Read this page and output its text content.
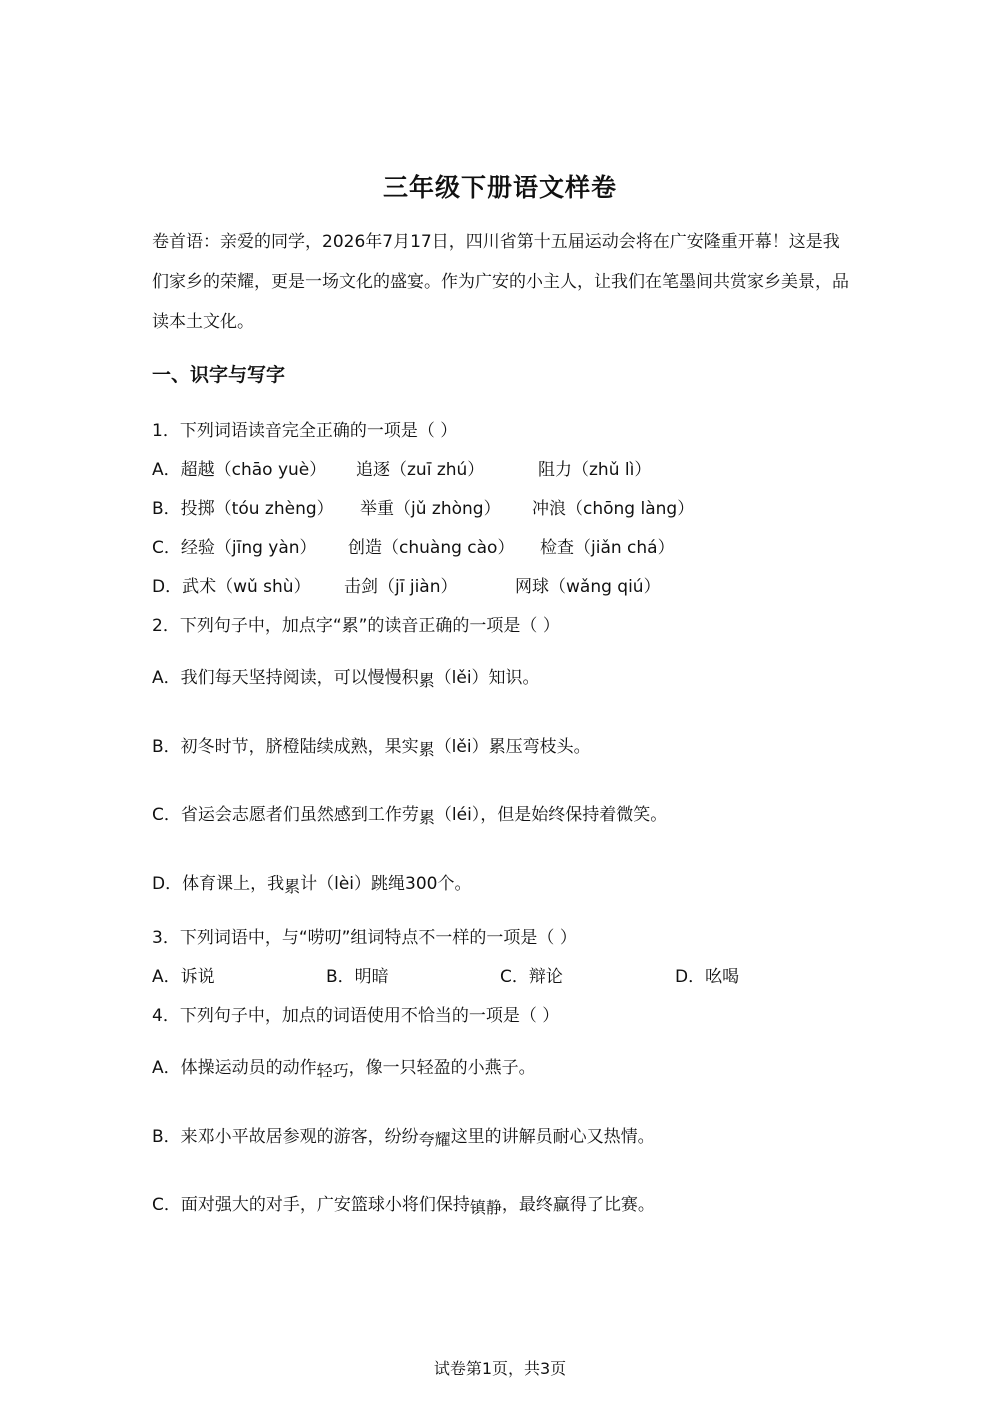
三年级下册语文样卷
卷首语：亲爱的同学，2026年7月17日，四川省第十五届运动会将在广安隆重开幕！这是我们家乡的荣耀，更是一场文化的盛宴。作为广安的小主人，让我们在笔墨间共赏家乡美景，品读本土文化。
一、识字与写字
1．下列词语读音完全正确的一项是（ ）
A．超越（chāo yuè） 追逐（zuī zhú）	阻力（zhǔ lì）
B．投掷（tóu zhèng） 举重（jǔ zhòng） 冲浪（chōng làng）
C．经验（jīng yàn） 创造（chuàng cào） 检查（jiǎn chá）
D．武术（wǔ shù） 击剑（jī jiàn）	网球（wǎng qiú）
2．下列句子中，加点字“累”的读音正确的一项是（ ）
A．我们每天坚持阅读，可以慢慢积累（lěi）知识。
B．初冬时节，脐橙陆续成熟，果实累（lěi）累压弯枝头。
C．省运会志愿者们虽然感到工作劳累（léi），但是始终保持着微笑。
D．体育课上，我累计（lèi）跳绳300个。
3．下列词语中，与“唠叨”组词特点不一样的一项是（ ）
A．诉说	B．明暗	C．辩论	D．吆喝
4．下列句子中，加点的词语使用不恰当的一项是（ ）
A．体操运动员的动作轻巧，像一只轻盈的小燕子。
B．来邓小平故居参观的游客，纷纷夸耀这里的讲解员耐心又热情。
C．面对强大的对手，广安篮球小将们保持镇静，最终赢得了比赛。
试卷第1页，共3页
